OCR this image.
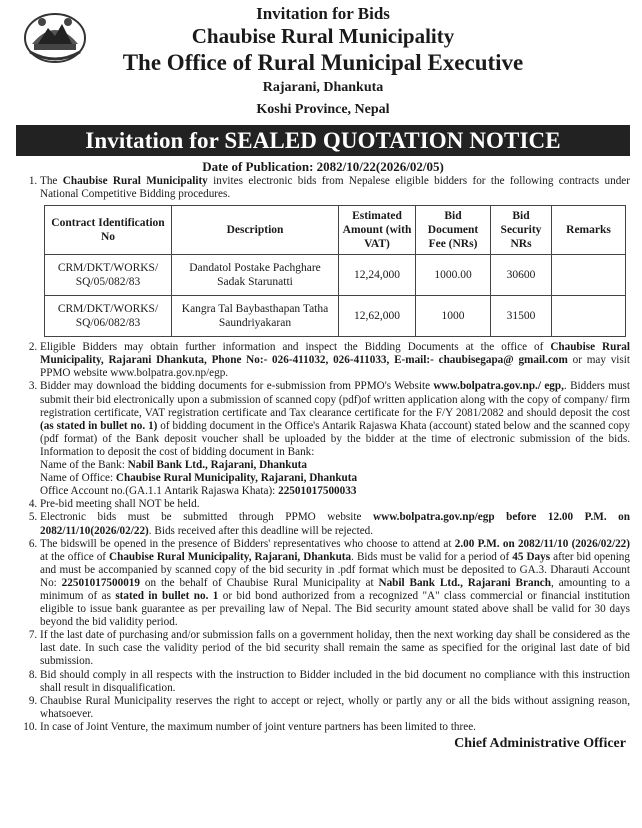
Invitation for Bids
Chaubise Rural Municipality
The Office of Rural Municipal Executive
Rajarani, Dhankuta
Koshi Province, Nepal
Invitation for SEALED QUOTATION NOTICE
Date of Publication: 2082/10/22(2026/02/05)
1. The Chaubise Rural Municipality invites electronic bids from Nepalese eligible bidders for the following contracts under National Competitive Bidding procedures.
Contract Identification No	Description	Estimated Amount (with VAT)	Bid Document Fee (NRs)	Bid Security NRs	Remarks
CRM/DKT/WORKS/ SQ/05/082/83	Dandatol Postake Pachghare Sadak Starunatti	12,24,000	1000.00	30600	
CRM/DKT/WORKS/ SQ/06/082/83	Kangra Tal Baybasthapan Tatha Saundriyakaran	12,62,000	1000	31500	
2. Eligible Bidders may obtain further information and inspect the Bidding Documents at the office of Chaubise Rural Municipality, Rajarani Dhankuta, Phone No:- 026-411032, 026-411033, E-mail:- chaubisegapa@ gmail.com or may visit PPMO website www.bolpatra.gov.np/egp.
3. Bidder may download the bidding documents for e-submission from PPMO's Website www.bolpatra.gov.np./ egp,. Bidders must submit their bid electronically upon a submission of scanned copy (pdf)of written application along with the copy of company/ firm registration certificate, VAT registration certificate and Tax clearance certificate for the F/Y 2081/2082 and should deposit the cost (as stated in bullet no. 1) of bidding document in the Office's Antarik Rajaswa Khata (account) stated below and the scanned copy (pdf format) of the Bank deposit voucher shall be uploaded by the bidder at the time of electronic submission of the bids. Information to deposit the cost of bidding document in Bank:
Name of the Bank: Nabil Bank Ltd., Rajarani, Dhankuta
Name of Office: Chaubise Rural Municipality, Rajarani, Dhankuta
Office Account no.(GA.1.1 Antarik Rajaswa Khata): 22501017500033
4. Pre-bid meeting shall NOT be held.
5. Electronic bids must be submitted through PPMO website www.bolpatra.gov.np/egp before 12.00 P.M. on 2082/11/10(2026/02/22). Bids received after this deadline will be rejected.
6. The bidswill be opened in the presence of Bidders' representatives who choose to attend at 2.00 P.M. on 2082/11/10 (2026/02/22) at the office of Chaubise Rural Municipality, Rajarani, Dhankuta. Bids must be valid for a period of 45 Days after bid opening and must be accompanied by scanned copy of the bid security in .pdf format which must be deposited to GA.3. Dharauti Account No: 22501017500019 on the behalf of Chaubise Rural Municipality at Nabil Bank Ltd., Rajarani Branch, amounting to a minimum of as stated in bullet no. 1 or bid bond authorized from a recognized "A" class commercial or financial institution eligible to issue bank guarantee as per prevailing law of Nepal. The Bid security amount stated above shall be valid for 30 days beyond the bid validity period.
7. If the last date of purchasing and/or submission falls on a government holiday, then the next working day shall be considered as the last date. In such case the validity period of the bid security shall remain the same as specified for the original last date of bid submission.
8. Bid should comply in all respects with the instruction to Bidder included in the bid document no compliance with this instruction shall result in disqualification.
9. Chaubise Rural Municipality reserves the right to accept or reject, wholly or partly any or all the bids without assigning reason, whatsoever.
10. In case of Joint Venture, the maximum number of joint venture partners has been limited to three.
Chief Administrative Officer
